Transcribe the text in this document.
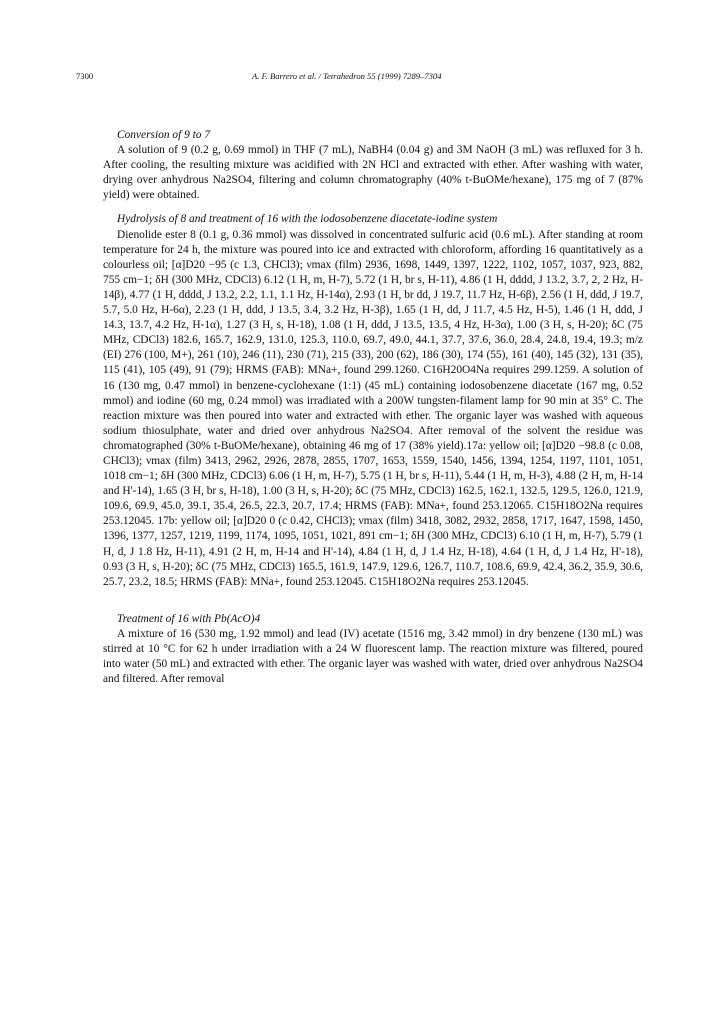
7300	A. F. Barrero et al. / Tetrahedron 55 (1999) 7289–7304

Conversion of 9 to 7

A solution of 9 (0.2 g, 0.69 mmol) in THF (7 mL), NaBH4 (0.04 g) and 3M NaOH (3 mL) was refluxed for 3 h. After cooling, the resulting mixture was acidified with 2N HCl and extracted with ether. After washing with water, drying over anhydrous Na2SO4, filtering and column chromatography (40% t-BuOMe/hexane), 175 mg of 7 (87% yield) were obtained.

Hydrolysis of 8 and treatment of 16 with the iodosobenzene diacetate-iodine system

Dienolide ester 8 (0.1 g, 0.36 mmol) was dissolved in concentrated sulfuric acid (0.6 mL). After standing at room temperature for 24 h, the mixture was poured into ice and extracted with chloroform, affording 16 quantitatively as a colourless oil; [α]D20 −95 (c 1.3, CHCl3); νmax (film) 2936, 1698, 1449, 1397, 1222, 1102, 1057, 1037, 923, 882, 755 cm−1; δH (300 MHz, CDCl3) 6.12 (1 H, m, H-7), 5.72 (1 H, br s, H-11), 4.86 (1 H, dddd, J 13.2, 3.7, 2, 2 Hz, H-14β), 4.77 (1 H, dddd, J 13.2, 2.2, 1.1, 1.1 Hz, H-14α), 2.93 (1 H, br dd, J 19.7, 11.7 Hz, H-6β), 2.56 (1 H, ddd, J 19.7, 5.7, 5.0 Hz, H-6α), 2.23 (1 H, ddd, J 13.5, 3.4, 3.2 Hz, H-3β), 1.65 (1 H, dd, J 11.7, 4.5 Hz, H-5), 1.46 (1 H, ddd, J 14.3, 13.7, 4.2 Hz, H-1α), 1.27 (3 H, s, H-18), 1.08 (1 H, ddd, J 13.5, 13.5, 4 Hz, H-3α), 1.00 (3 H, s, H-20); δC (75 MHz, CDCl3) 182.6, 165.7, 162.9, 131.0, 125.3, 110.0, 69.7, 49.0, 44.1, 37.7, 37.6, 36.0, 28.4, 24.8, 19.4, 19.3; m/z (EI) 276 (100, M+), 261 (10), 246 (11), 230 (71), 215 (33), 200 (62), 186 (30), 174 (55), 161 (40), 145 (32), 131 (35), 115 (41), 105 (49), 91 (79); HRMS (FAB): MNa+, found 299.1260. C16H20O4Na requires 299.1259. A solution of 16 (130 mg, 0.47 mmol) in benzene-cyclohexane (1:1) (45 mL) containing iodosobenzene diacetate (167 mg, 0.52 mmol) and iodine (60 mg, 0.24 mmol) was irradiated with a 200W tungsten-filament lamp for 90 min at 35° C. The reaction mixture was then poured into water and extracted with ether. The organic layer was washed with aqueous sodium thiosulphate, water and dried over anhydrous Na2SO4. After removal of the solvent the residue was chromatographed (30% t-BuOMe/hexane), obtaining 46 mg of 17 (38% yield).17a: yellow oil; [α]D20 −98.8 (c 0.08, CHCl3); νmax (film) 3413, 2962, 2926, 2878, 2855, 1707, 1653, 1559, 1540, 1456, 1394, 1254, 1197, 1101, 1051, 1018 cm−1; δH (300 MHz, CDCl3) 6.06 (1 H, m, H-7), 5.75 (1 H, br s, H-11), 5.44 (1 H, m, H-3), 4.88 (2 H, m, H-14 and H'-14), 1.65 (3 H, br s, H-18), 1.00 (3 H, s, H-20); δC (75 MHz, CDCl3) 162.5, 162.1, 132.5, 129.5, 126.0, 121.9, 109.6, 69.9, 45.0, 39.1, 35.4, 26.5, 22.3, 20.7, 17.4; HRMS (FAB): MNa+, found 253.12065. C15H18O2Na requires 253.12045. 17b: yellow oil; [α]D20 0 (c 0.42, CHCl3); νmax (film) 3418, 3082, 2932, 2858, 1717, 1647, 1598, 1450, 1396, 1377, 1257, 1219, 1199, 1174, 1095, 1051, 1021, 891 cm−1; δH (300 MHz, CDCl3) 6.10 (1 H, m, H-7), 5.79 (1 H, d, J 1.8 Hz, H-11), 4.91 (2 H, m, H-14 and H'-14), 4.84 (1 H, d, J 1.4 Hz, H-18), 4.64 (1 H, d, J 1.4 Hz, H'-18), 0.93 (3 H, s, H-20); δC (75 MHz, CDCl3) 165.5, 161.9, 147.9, 129.6, 126.7, 110.7, 108.6, 69.9, 42.4, 36.2, 35.9, 30.6, 25.7, 23.2, 18.5; HRMS (FAB): MNa+, found 253.12045. C15H18O2Na requires 253.12045.

Treatment of 16 with Pb(AcO)4

A mixture of 16 (530 mg, 1.92 mmol) and lead (IV) acetate (1516 mg, 3.42 mmol) in dry benzene (130 mL) was stirred at 10 °C for 62 h under irradiation with a 24 W fluorescent lamp. The reaction mixture was filtered, poured into water (50 mL) and extracted with ether. The organic layer was washed with water, dried over anhydrous Na2SO4 and filtered. After removal
